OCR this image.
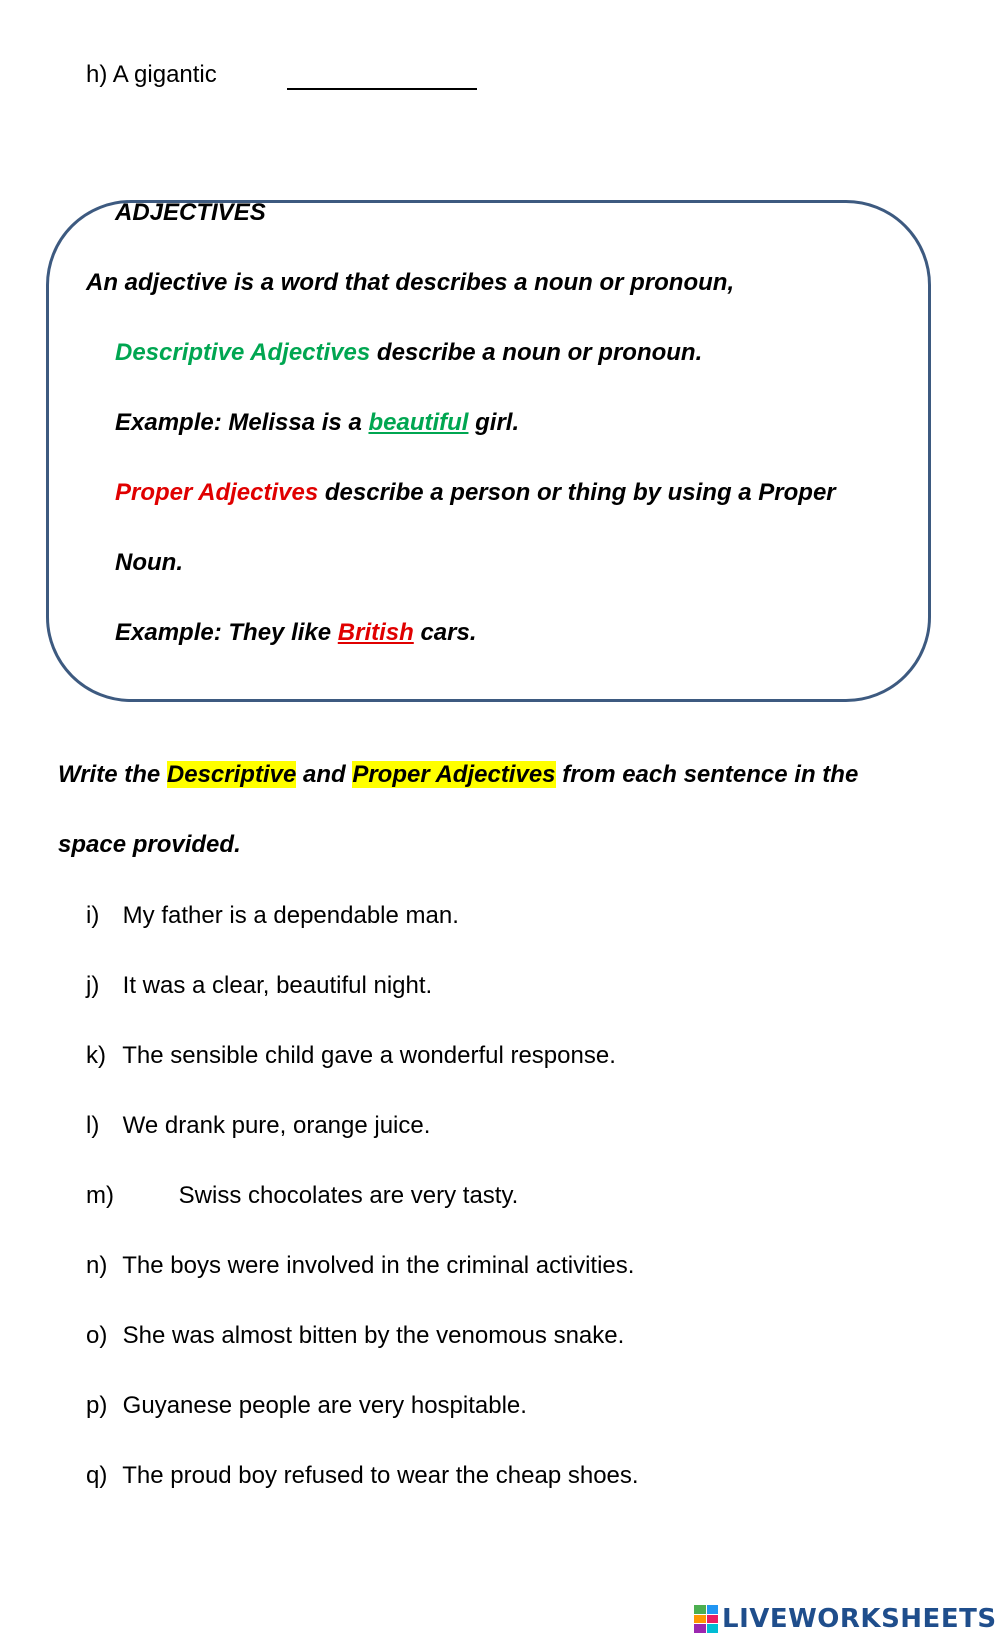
h) A gigantic
ADJECTIVES
An adjective is a word that describes a noun or pronoun,
Descriptive Adjectives describe a noun or pronoun.
Example: Melissa is a beautiful girl.
Proper Adjectives describe a person or thing by using a Proper
Noun.
Example: They like British cars.
Write the Descriptive and Proper Adjectives from each sentence in the
space provided.
i) My father is a dependable man.
j) It was a clear, beautiful night.
k) The sensible child gave a wonderful response.
l) We drank pure, orange juice.
m)	Swiss chocolates are very tasty.
n) The boys were involved in the criminal activities.
o) She was almost bitten by the venomous snake.
p) Guyanese people are very hospitable.
q) The proud boy refused to wear the cheap shoes.
LIVEWORKSHEETS
